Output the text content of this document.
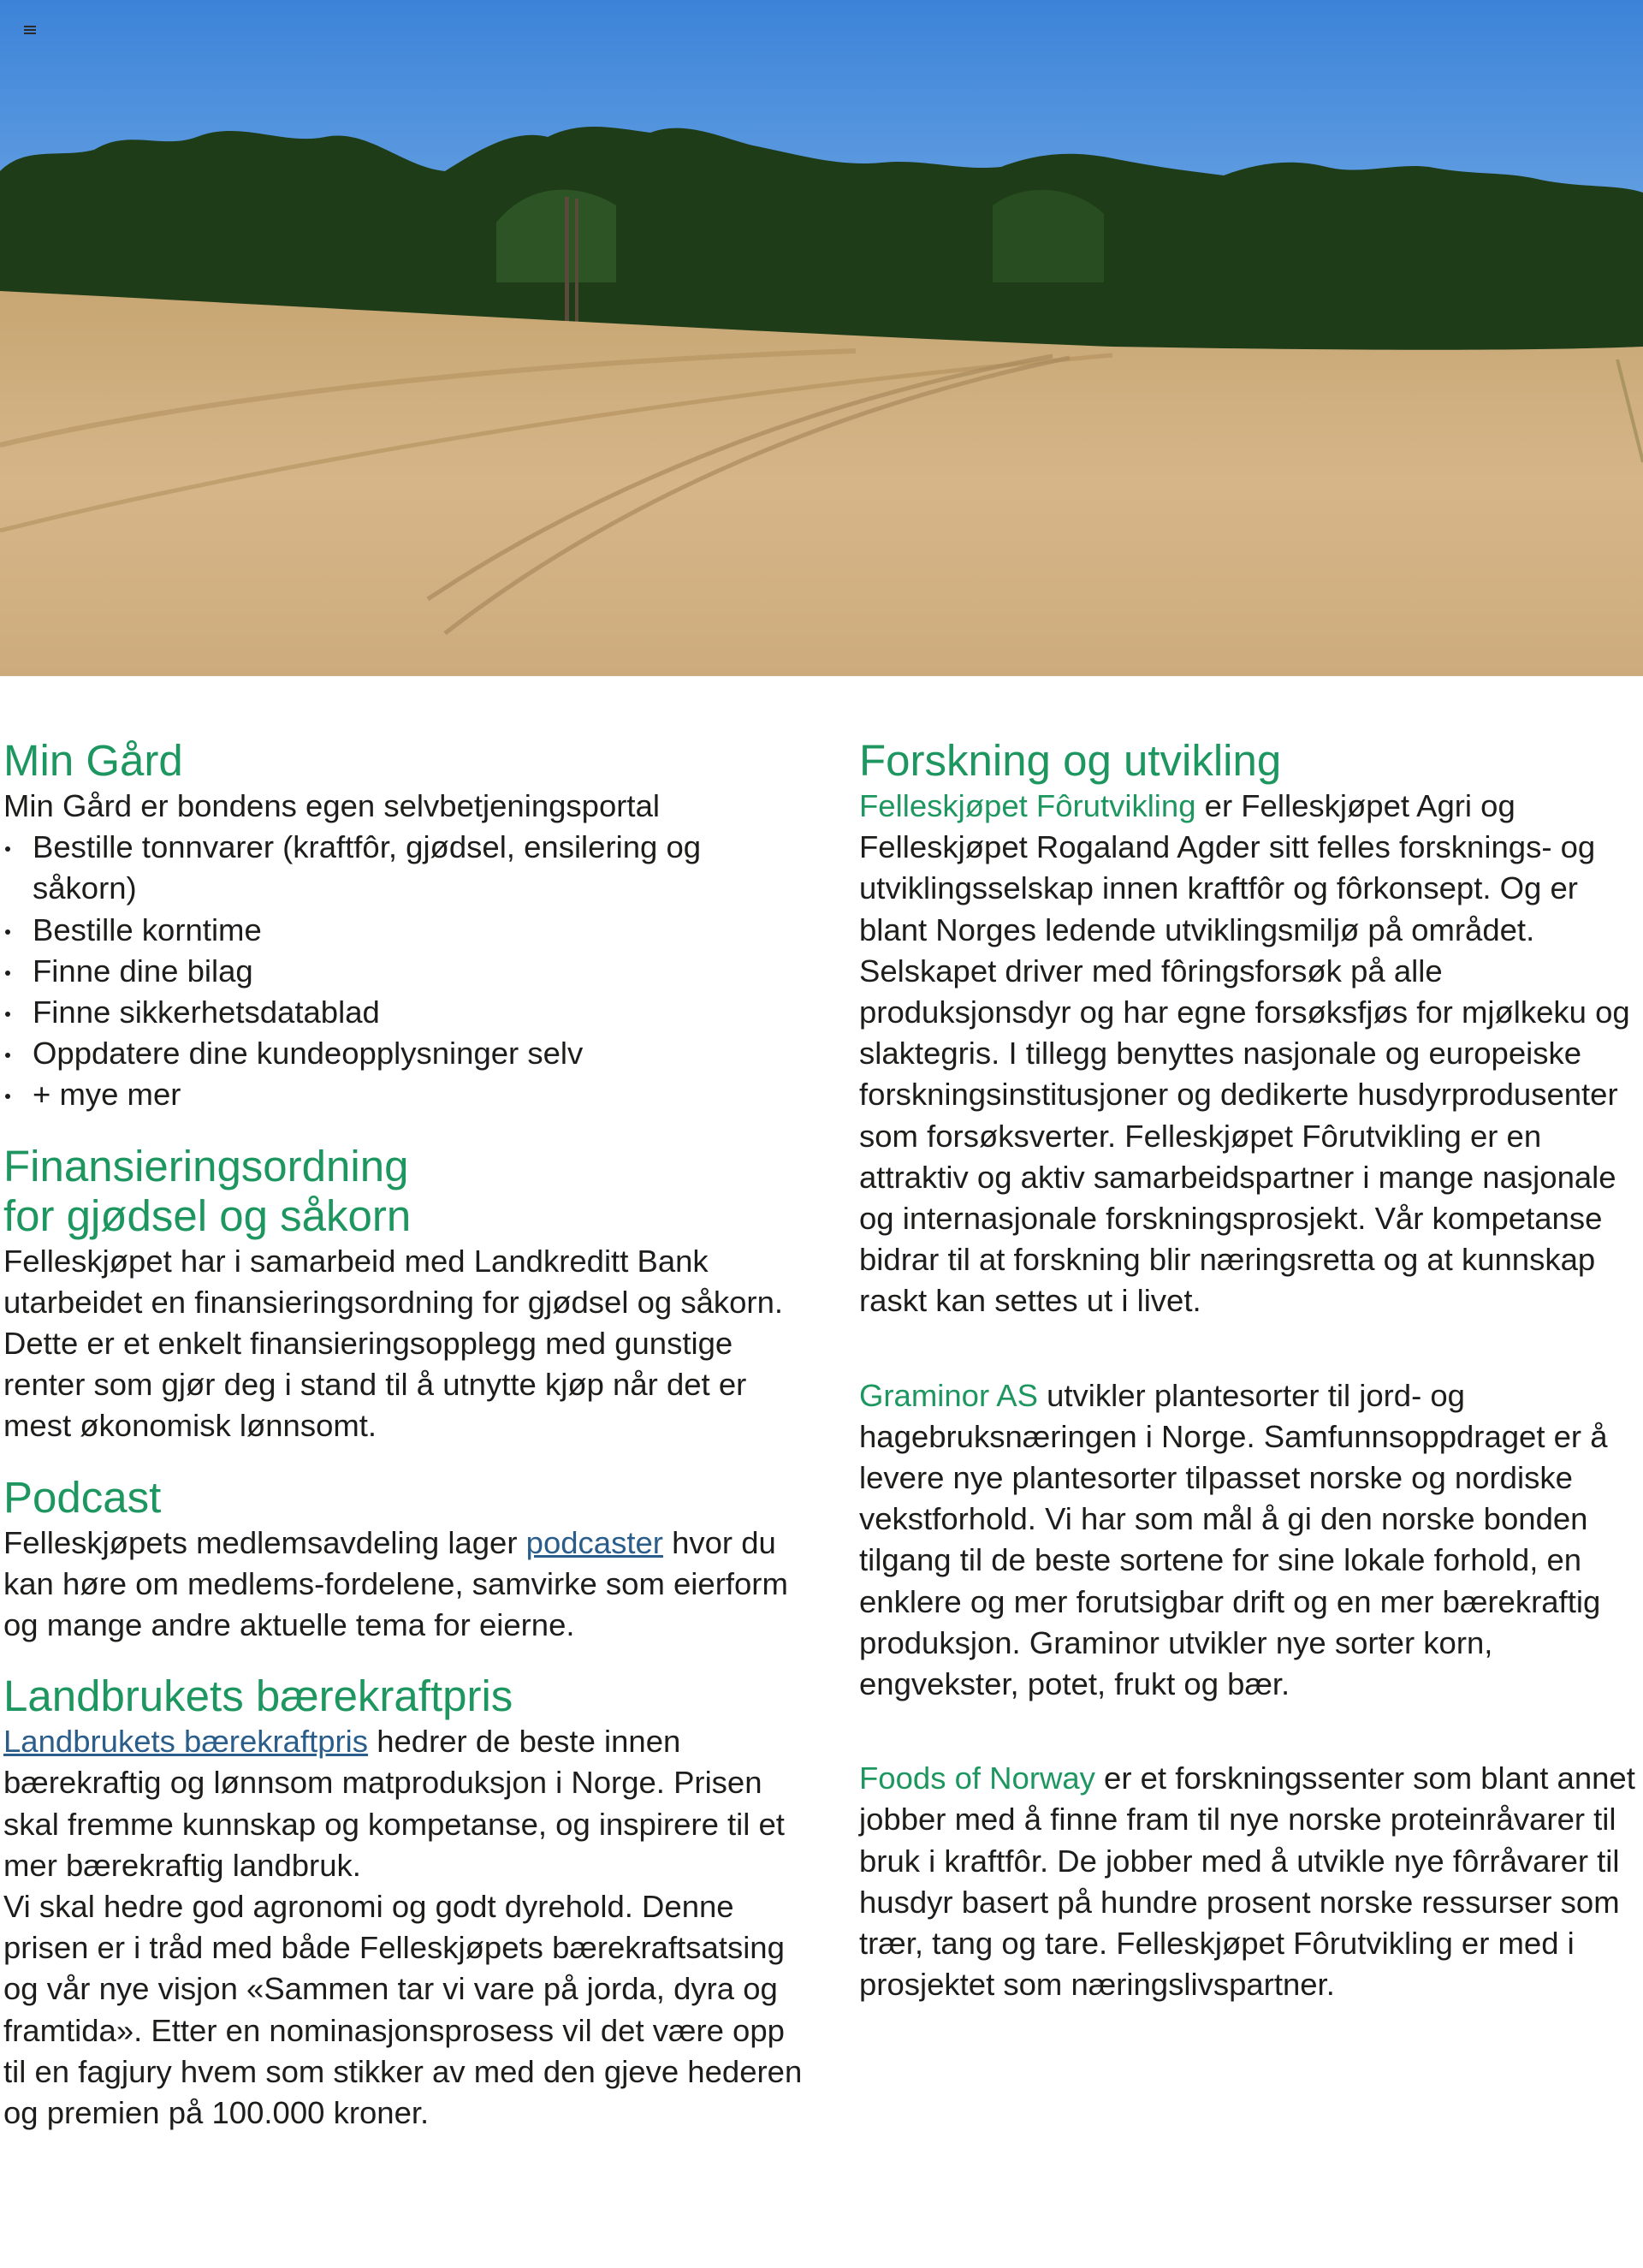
Min Gård

Min Gård er bondens egen selvbetjeningsportal

Bestille tonnvarer (kraftfôr, gjødsel, ensilering og såkorn)
Bestille korntime
Finne dine bilag
Finne sikkerhetsdatablad
Oppdatere dine kundeopplysninger selv
+ mye mer
Finansieringsordning
for gjødsel og såkorn

Felleskjøpet har i samarbeid med Landkreditt Bank utarbeidet en finansieringsordning for gjødsel og såkorn. Dette er et enkelt finansieringsopplegg med gunstige renter som gjør deg i stand til å utnytte kjøp når det er mest økonomisk lønnsomt.

Podcast

Felleskjøpets medlemsavdeling lager podcaster hvor du kan høre om medlems-fordelene, samvirke som eierform og mange andre aktuelle tema for eierne.

Landbrukets bærekraftpris

Landbrukets bærekraftpris hedrer de beste innen bærekraftig og lønnsom matproduksjon i Norge. Prisen skal fremme kunnskap og kompetanse, og inspirere til et mer bærekraftig landbruk.

Vi skal hedre god agronomi og godt dyrehold. Denne prisen er i tråd med både Felleskjøpets bærekraftsatsing og vår nye visjon «Sammen tar vi vare på jorda, dyra og framtida». Etter en nominasjonsprosess vil det være opp til en fagjury hvem som stikker av med den gjeve hederen og premien på 100.000 kroner.

Forskning og utvikling

Felleskjøpet Fôrutvikling er Felleskjøpet Agri og Felleskjøpet Rogaland Agder sitt felles forsknings- og utviklingsselskap innen kraftfôr og fôrkonsept. Og er blant Norges ledende utviklingsmiljø på området.

Selskapet driver med fôringsforsøk på alle produksjonsdyr og har egne forsøksfjøs for mjølkeku og slaktegris. I tillegg benyttes nasjonale og europeiske forskningsinstitusjoner og dedikerte husdyrprodusenter som forsøksverter. Felleskjøpet Fôrutvikling er en attraktiv og aktiv samarbeidspartner i mange nasjonale og internasjonale forskningsprosjekt. Vår kompetanse bidrar til at forskning blir næringsretta og at kunnskap raskt kan settes ut i livet.

Graminor AS utvikler plantesorter til jord- og hagebruksnæringen i Norge. Samfunnsoppdraget er å levere nye plantesorter tilpasset norske og nordiske vekstforhold. Vi har som mål å gi den norske bonden tilgang til de beste sortene for sine lokale forhold, en enklere og mer forutsigbar drift og en mer bærekraftig produksjon. Graminor utvikler nye sorter korn, engvekster, potet, frukt og bær.

Foods of Norway er et forskningssenter som blant annet jobber med å finne fram til nye norske proteinråvarer til bruk i kraftfôr. De jobber med å utvikle nye fôrråvarer til husdyr basert på hundre prosent norske ressurser som trær, tang og tare. Felleskjøpet Fôrutvikling er med i prosjektet som næringslivspartner.
